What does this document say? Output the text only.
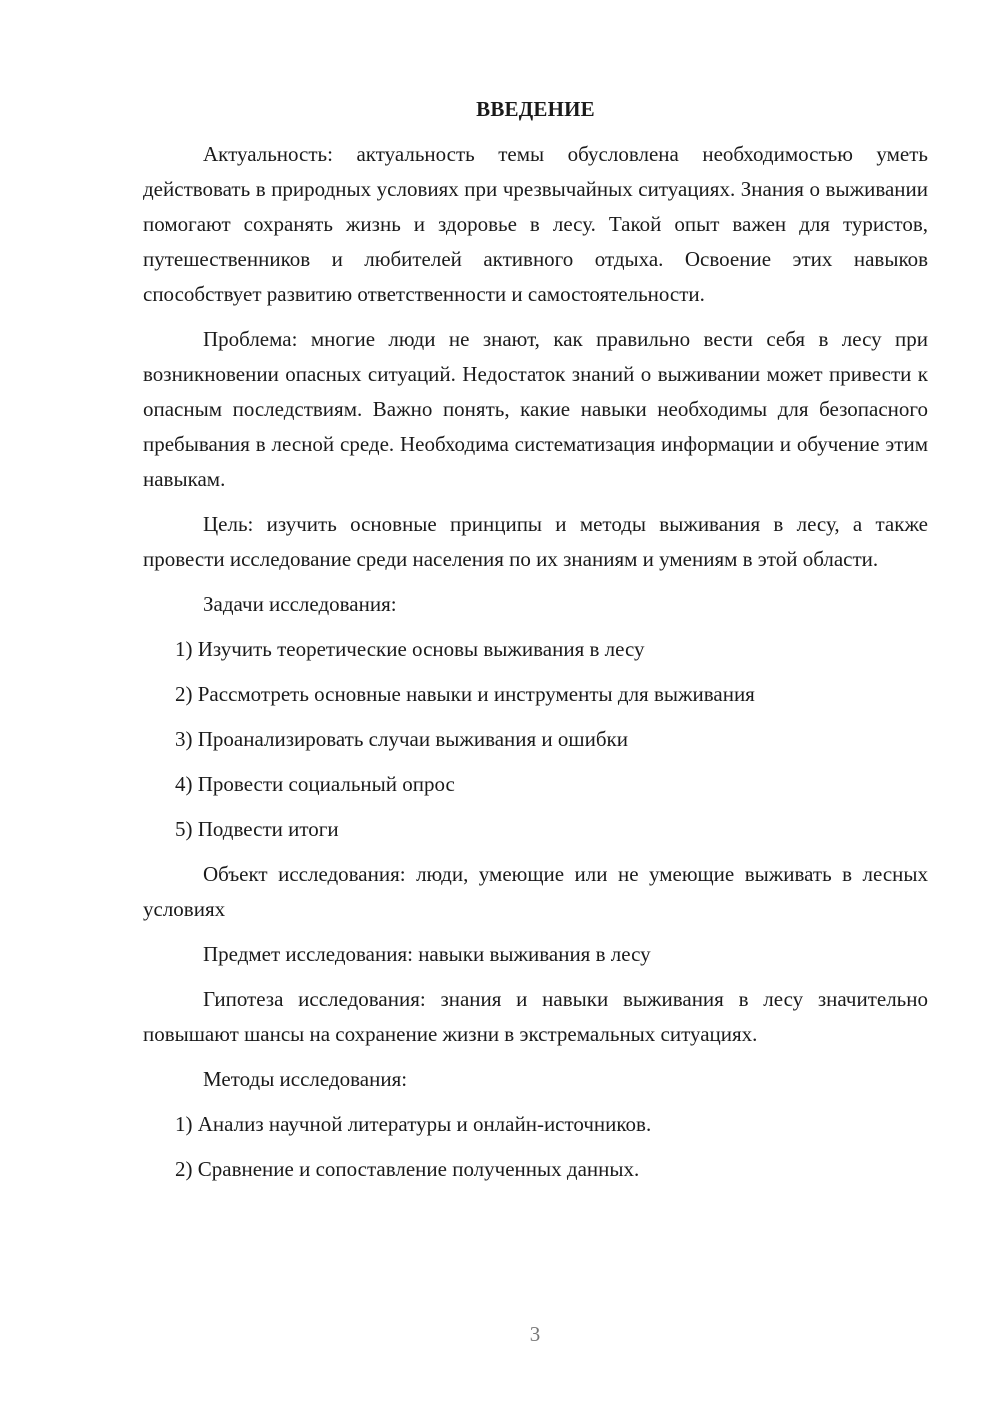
ВВЕДЕНИЕ

Актуальность: актуальность темы обусловлена необходимостью уметь действовать в природных условиях при чрезвычайных ситуациях. Знания о выживании помогают сохранять жизнь и здоровье в лесу. Такой опыт важен для туристов, путешественников и любителей активного отдыха. Освоение этих навыков способствует развитию ответственности и самостоятельности.

Проблема: многие люди не знают, как правильно вести себя в лесу при возникновении опасных ситуаций. Недостаток знаний о выживании может привести к опасным последствиям. Важно понять, какие навыки необходимы для безопасного пребывания в лесной среде. Необходима систематизация информации и обучение этим навыкам.

Цель: изучить основные принципы и методы выживания в лесу, а также провести исследование среди населения по их знаниям и умениям в этой области.

Задачи исследования:

1) Изучить теоретические основы выживания в лесу
2) Рассмотреть основные навыки и инструменты для выживания
3) Проанализировать случаи выживания и ошибки
4) Провести социальный опрос
5) Подвести итоги

Объект исследования: люди, умеющие или не умеющие выживать в лесных условиях

Предмет исследования: навыки выживания в лесу

Гипотеза исследования: знания и навыки выживания в лесу значительно повышают шансы на сохранение жизни в экстремальных ситуациях.

Методы исследования:

1) Анализ научной литературы и онлайн-источников.
2) Сравнение и сопоставление полученных данных.
3
